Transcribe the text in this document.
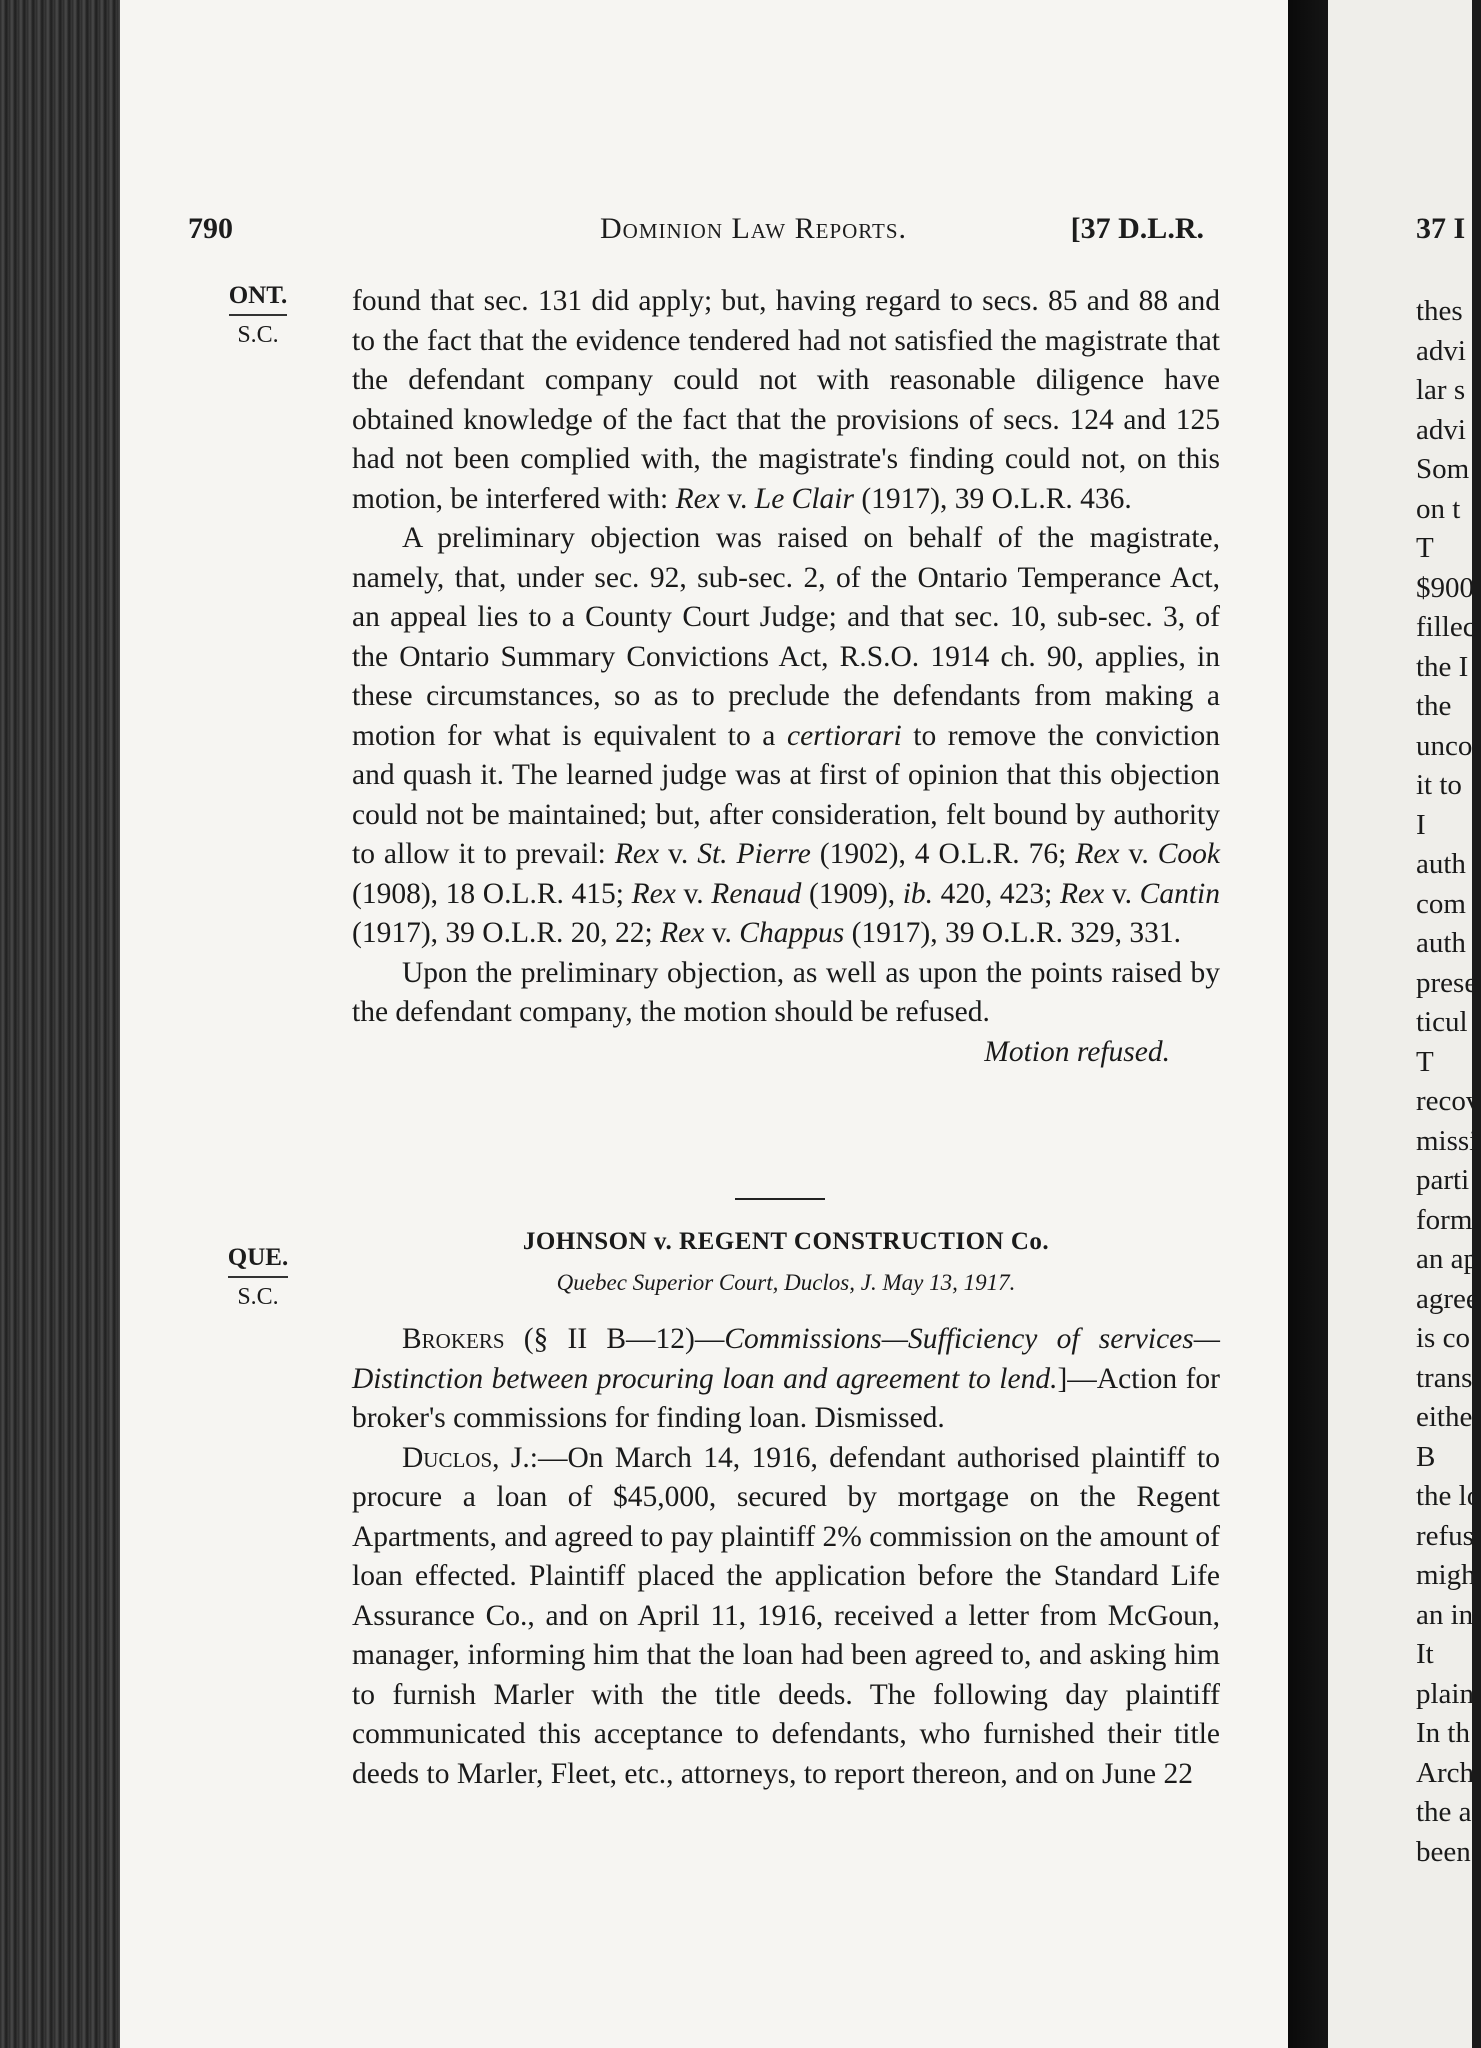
790	Dominion Law Reports.	[37 D.L.R.
ONT.
S.C.
QUE.
S.C.

found that sec. 131 did apply; but, having regard to secs. 85 and 88 and to the fact that the evidence tendered had not satisfied the magistrate that the defendant company could not with reasonable diligence have obtained knowledge of the fact that the provisions of secs. 124 and 125 had not been complied with, the magistrate's finding could not, on this motion, be interfered with: Rex v. Le Clair (1917), 39 O.L.R. 436.

A preliminary objection was raised on behalf of the magistrate, namely, that, under sec. 92, sub-sec. 2, of the Ontario Temperance Act, an appeal lies to a County Court Judge; and that sec. 10, sub-sec. 3, of the Ontario Summary Convictions Act, R.S.O. 1914 ch. 90, applies, in these circumstances, so as to preclude the defendants from making a motion for what is equivalent to a certiorari to remove the conviction and quash it. The learned judge was at first of opinion that this objection could not be maintained; but, after consideration, felt bound by authority to allow it to prevail: Rex v. St. Pierre (1902), 4 O.L.R. 76; Rex v. Cook (1908), 18 O.L.R. 415; Rex v. Renaud (1909), ib. 420, 423; Rex v. Cantin (1917), 39 O.L.R. 20, 22; Rex v. Chappus (1917), 39 O.L.R. 329, 331.

Upon the preliminary objection, as well as upon the points raised by the defendant company, the motion should be refused.

Motion refused.

JOHNSON v. REGENT CONSTRUCTION Co.
Quebec Superior Court, Duclos, J. May 13, 1917.

Brokers (§ II B—12)—Commissions—Sufficiency of services—Distinction between procuring loan and agreement to lend.]—Action for broker's commissions for finding loan. Dismissed.

Duclos, J.:—On March 14, 1916, defendant authorised plaintiff to procure a loan of $45,000, secured by mortgage on the Regent Apartments, and agreed to pay plaintiff 2% commission on the amount of loan effected. Plaintiff placed the application before the Standard Life Assurance Co., and on April 11, 1916, received a letter from McGoun, manager, informing him that the loan had been agreed to, and asking him to furnish Marler with the title deeds. The following day plaintiff communicated this acceptance to defendants, who furnished their title deeds to Marler, Fleet, etc., attorneys, to report thereon, and on June 22

37 I
thes
advi
lar s
advi
Som
on t
T
$900
fillec
the I
the
unco
it to
I
auth
com
auth
prese
ticul
T
recov
missi
parti
form
an ap
agree
is co
trans
eithe
B
the lo
refus
migh
an in
It
plain
In th
Arch
the a
been
